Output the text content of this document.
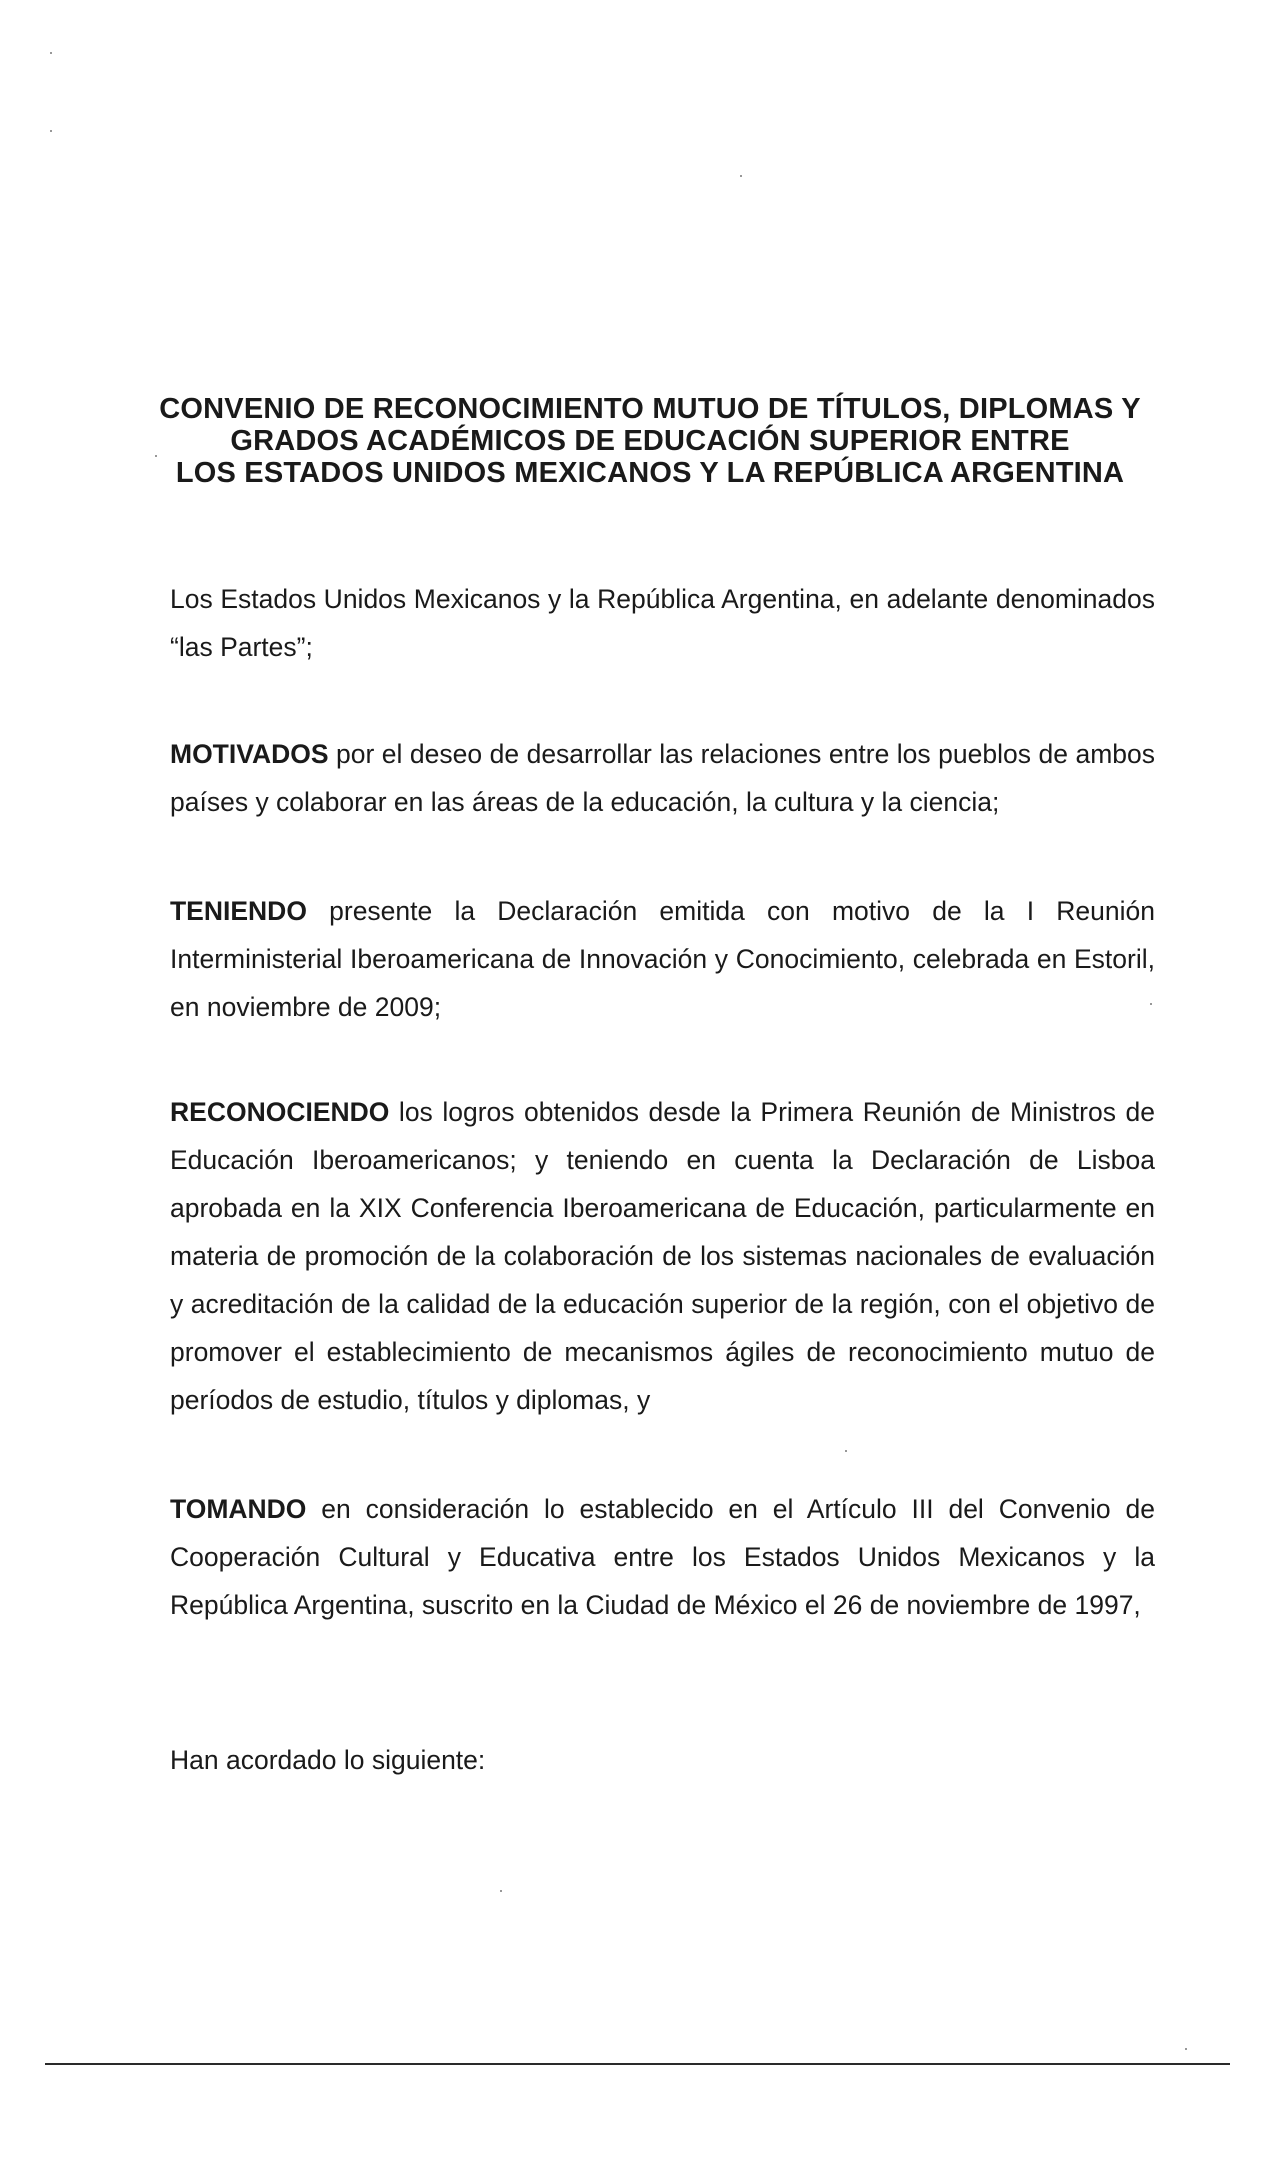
CONVENIO DE RECONOCIMIENTO MUTUO DE TÍTULOS, DIPLOMAS Y
GRADOS ACADÉMICOS DE EDUCACIÓN SUPERIOR ENTRE
LOS ESTADOS UNIDOS MEXICANOS Y LA REPÚBLICA ARGENTINA

Los Estados Unidos Mexicanos y la República Argentina, en adelante denominados “las Partes”;

MOTIVADOS por el deseo de desarrollar las relaciones entre los pueblos de ambos países y colaborar en las áreas de la educación, la cultura y la ciencia;

TENIENDO presente la Declaración emitida con motivo de la I Reunión Interministerial Iberoamericana de Innovación y Conocimiento, celebrada en Estoril, en noviembre de 2009;

RECONOCIENDO los logros obtenidos desde la Primera Reunión de Ministros de Educación Iberoamericanos; y teniendo en cuenta la Declaración de Lisboa aprobada en la XIX Conferencia Iberoamericana de Educación, particularmente en materia de promoción de la colaboración de los sistemas nacionales de evaluación y acreditación de la calidad de la educación superior de la región, con el objetivo de promover el establecimiento de mecanismos ágiles de reconocimiento mutuo de períodos de estudio, títulos y diplomas, y

TOMANDO en consideración lo establecido en el Artículo III del Convenio de Cooperación Cultural y Educativa entre los Estados Unidos Mexicanos y la República Argentina, suscrito en la Ciudad de México el 26 de noviembre de 1997,

Han acordado lo siguiente:
